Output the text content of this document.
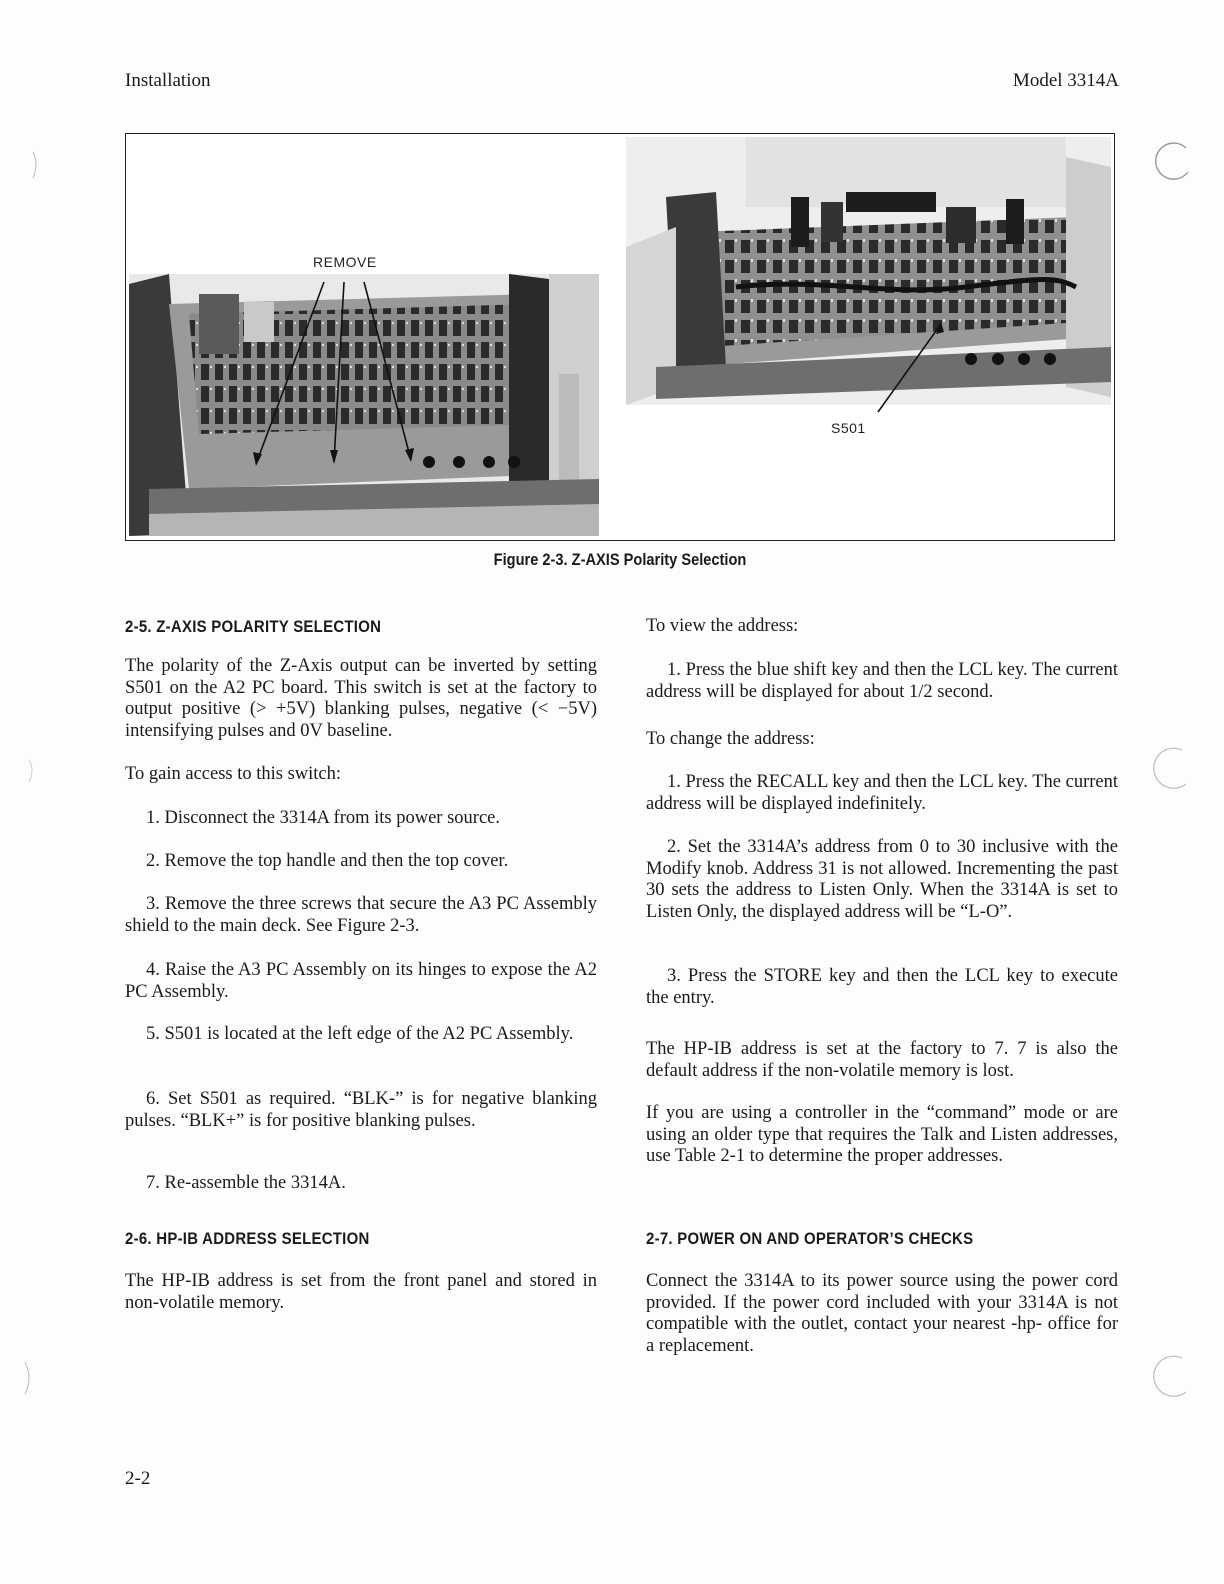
Installation	Model 3314A
REMOVE
S501
Figure 2-3. Z-AXIS Polarity Selection
2-5. Z-AXIS POLARITY SELECTION

The polarity of the Z-Axis output can be inverted by setting S501 on the A2 PC board. This switch is set at the factory to output positive (> +5V) blanking pulses, negative (< −5V) intensifying pulses and 0V baseline.

To gain access to this switch:

1. Disconnect the 3314A from its power source.

2. Remove the top handle and then the top cover.

3. Remove the three screws that secure the A3 PC Assembly shield to the main deck. See Figure 2-3.

4. Raise the A3 PC Assembly on its hinges to expose the A2 PC Assembly.

5. S501 is located at the left edge of the A2 PC Assembly.

6. Set S501 as required. “BLK-” is for negative blanking pulses. “BLK+” is for positive blanking pulses.

7. Re-assemble the 3314A.

2-6. HP-IB ADDRESS SELECTION

The HP-IB address is set from the front panel and stored in non-volatile memory.

To view the address:

1. Press the blue shift key and then the LCL key. The current address will be displayed for about 1/2 second.

To change the address:

1. Press the RECALL key and then the LCL key. The current address will be displayed indefinitely.

2. Set the 3314A’s address from 0 to 30 inclusive with the Modify knob. Address 31 is not allowed. Incrementing the past 30 sets the address to Listen Only. When the 3314A is set to Listen Only, the displayed address will be “L-O”.

3. Press the STORE key and then the LCL key to execute the entry.

The HP-IB address is set at the factory to 7. 7 is also the default address if the non-volatile memory is lost.

If you are using a controller in the “command” mode or are using an older type that requires the Talk and Listen addresses, use Table 2-1 to determine the proper addresses.

2-7. POWER ON AND OPERATOR’S CHECKS

Connect the 3314A to its power source using the power cord provided. If the power cord included with your 3314A is not compatible with the outlet, contact your nearest -hp- office for a replacement.

2-2
